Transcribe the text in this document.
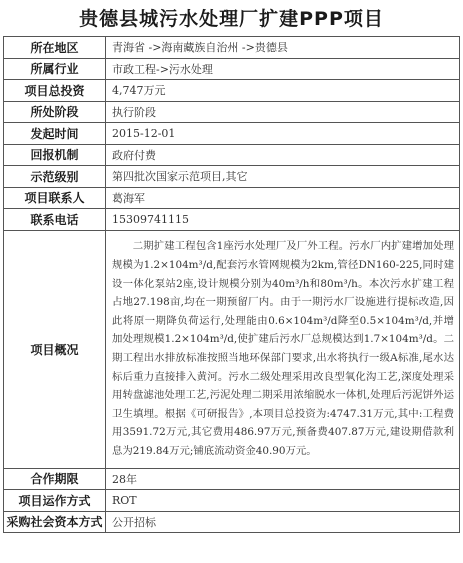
贵德县城污水处理厂扩建PPP项目
所在地区	青海省 ->海南藏族自治州 ->贵德县
所属行业	市政工程->污水处理
项目总投资	4,747万元
所处阶段	执行阶段
发起时间	2015-12-01
回报机制	政府付费
示范级别	第四批次国家示范项目,其它
项目联系人	葛海军
联系电话	15309741115
项目概况	二期扩建工程包含1座污水处理厂及厂外工程。污水厂内扩建增加处理规模为1.2×104m³/d,配套污水管网规模为2km,管径DN160-225,同时建设一体化泵站2座,设计规模分别为40m³/h和80m³/h。本次污水扩建工程占地27.198亩,均在一期预留厂内。由于一期污水厂设施进行提标改造,因此将原一期降负荷运行,处理能由0.6×104m³/d降至0.5×104m³/d,并增加处理规模1.2×104m³/d,使扩建后污水厂总规模达到1.7×104m³/d。二期工程出水排放标准按照当地环保部门要求,出水将执行一级A标准,尾水达标后重力直接排入黄河。污水二级处理采用改良型氧化沟工艺,深度处理采用转盘滤池处理工艺,污泥处理二期采用浓缩脱水一体机,处理后污泥饼外运卫生填埋。根据《可研报告》,本项目总投资为:4747.31万元,其中:工程费用3591.72万元,其它费用486.97万元,预备费407.87万元,建设期借款利息为219.84万元;铺底流动资金40.90万元。
合作期限	28年
项目运作方式	ROT
采购社会资本方式	公开招标
